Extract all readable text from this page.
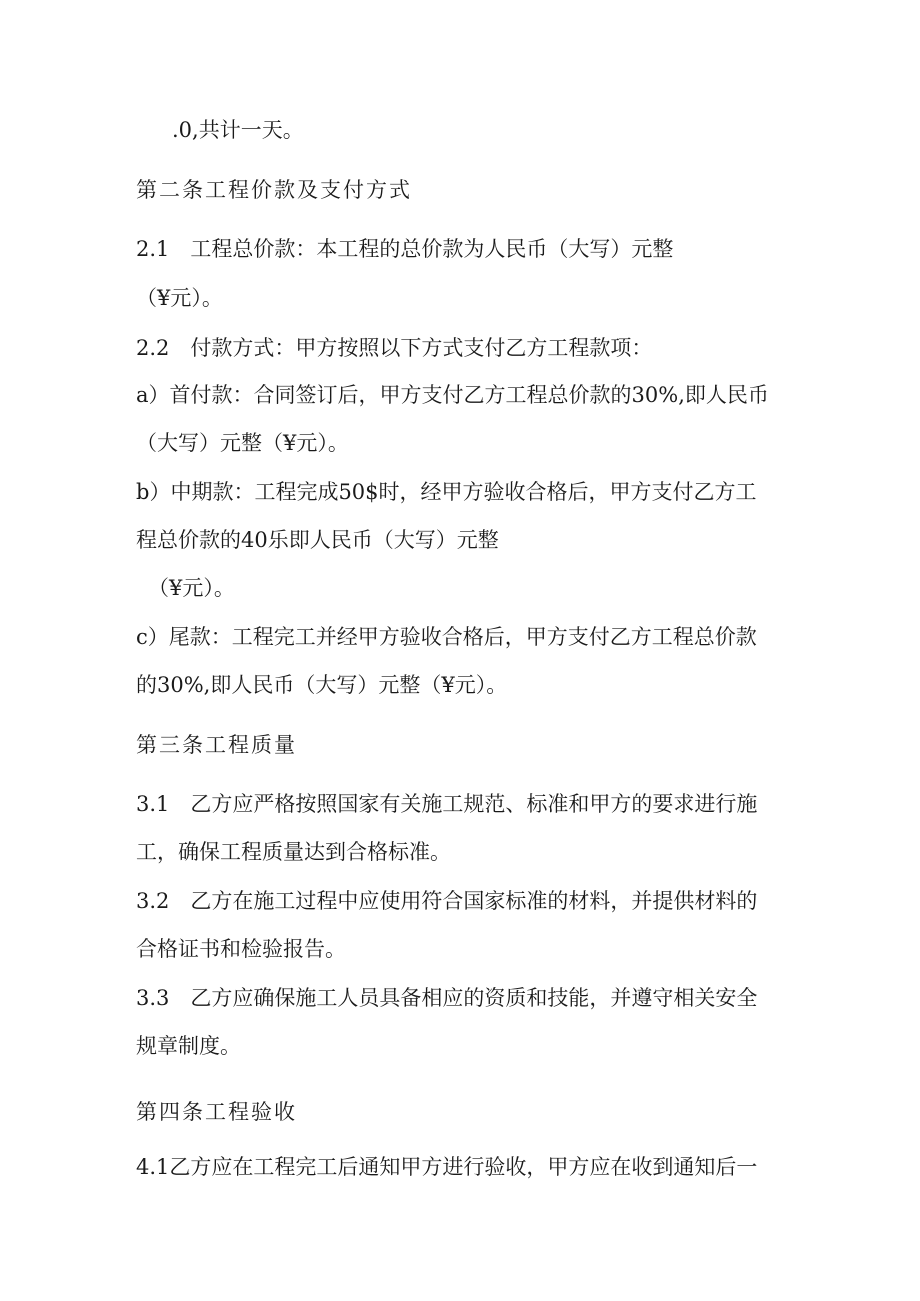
.0,共计一天。
第二条工程价款及支付方式
2.1　工程总价款：本工程的总价款为人民币（大写）元整
（¥元）。
2.2　付款方式：甲方按照以下方式支付乙方工程款项：
a）首付款：合同签订后，甲方支付乙方工程总价款的30%,即人民币
（大写）元整（¥元）。
b）中期款：工程完成50$时，经甲方验收合格后，甲方支付乙方工
程总价款的40乐即人民币（大写）元整
（¥元）。
c）尾款：工程完工并经甲方验收合格后，甲方支付乙方工程总价款
的30%,即人民币（大写）元整（¥元）。
第三条工程质量
3.1　乙方应严格按照国家有关施工规范、标准和甲方的要求进行施
工，确保工程质量达到合格标准。
3.2　乙方在施工过程中应使用符合国家标准的材料，并提供材料的
合格证书和检验报告。
3.3　乙方应确保施工人员具备相应的资质和技能，并遵守相关安全
规章制度。
第四条工程验收
4.1乙方应在工程完工后通知甲方进行验收，甲方应在收到通知后一
